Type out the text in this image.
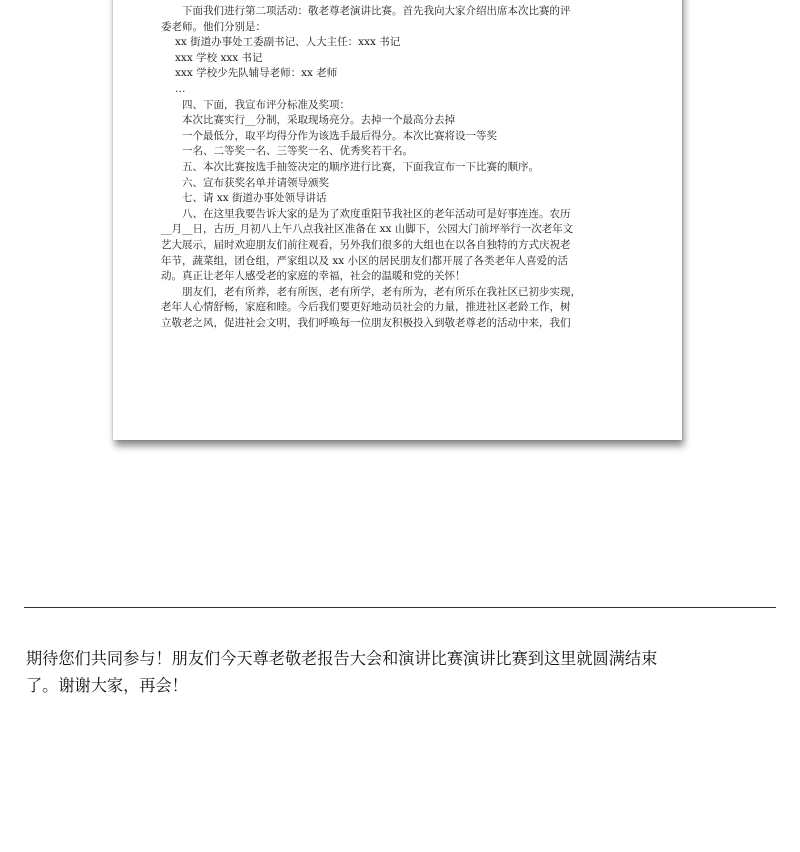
下面我们进行第二项活动：敬老尊老演讲比赛。首先我向大家介绍出席本次比赛的评

委老师。他们分别是：

xx 街道办事处工委副书记、人大主任：xxx 书记

xxx 学校 xxx 书记

xxx 学校少先队辅导老师：xx 老师

…

四、下面，我宣布评分标准及奖项：

本次比赛实行__分制，采取现场亮分。去掉一个最高分去掉

一个最低分，取平均得分作为该选手最后得分。本次比赛将设一等奖

一名、二等奖一名、三等奖一名、优秀奖若干名。

五、本次比赛按选手抽签决定的顺序进行比赛，下面我宣布一下比赛的顺序。

六、宣布获奖名单并请领导颁奖

七、请 xx 街道办事处领导讲话

八、在这里我要告诉大家的是为了欢度重阳节我社区的老年活动可是好事连连。农历

__月__日，古历_月初八上午八点我社区准备在 xx 山脚下，公园大门前坪举行一次老年文

艺大展示，届时欢迎朋友们前往观看，另外我们很多的大组也在以各自独特的方式庆祝老

年节，蔬菜组，团仓组，严家组以及 xx 小区的居民朋友们都开展了各类老年人喜爱的活

动。真正让老年人感受老的家庭的幸福，社会的温暖和党的关怀！

朋友们，老有所养，老有所医，老有所学，老有所为，老有所乐在我社区已初步实现，

老年人心情舒畅，家庭和睦。今后我们要更好地动员社会的力量，推进社区老龄工作，树

立敬老之风，促进社会文明，我们呼唤每一位朋友积极投入到敬老尊老的活动中来，我们

期待您们共同参与！朋友们今天尊老敬老报告大会和演讲比赛演讲比赛到这里就圆满结束
了。谢谢大家，再会！
